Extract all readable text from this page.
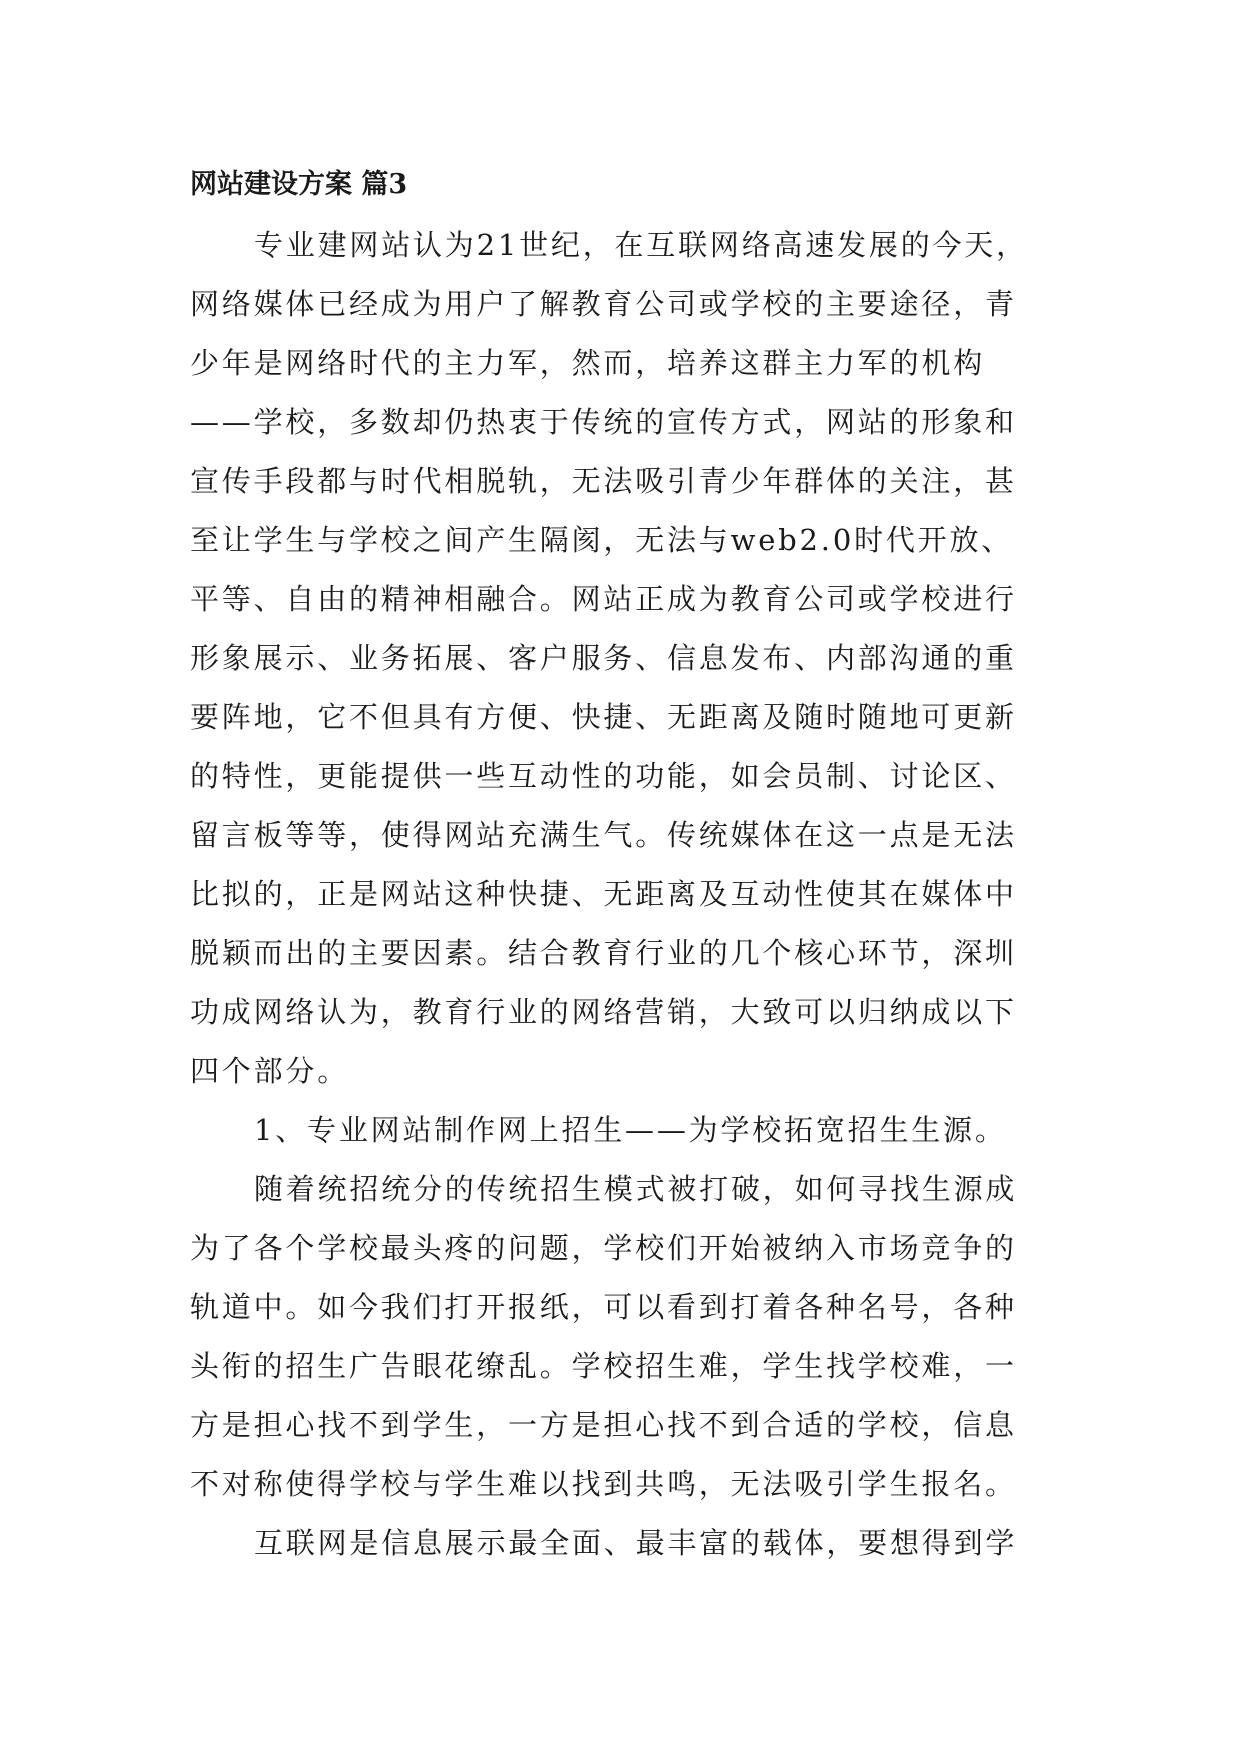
网站建设方案 篇3
专业建网站认为21世纪，在互联网络高速发展的今天，
网络媒体已经成为用户了解教育公司或学校的主要途径，青
少年是网络时代的主力军，然而，培养这群主力军的机构
——学校，多数却仍热衷于传统的宣传方式，网站的形象和
宣传手段都与时代相脱轨，无法吸引青少年群体的关注，甚
至让学生与学校之间产生隔阂，无法与web2.0时代开放、
平等、自由的精神相融合。网站正成为教育公司或学校进行
形象展示、业务拓展、客户服务、信息发布、内部沟通的重
要阵地，它不但具有方便、快捷、无距离及随时随地可更新
的特性，更能提供一些互动性的功能，如会员制、讨论区、
留言板等等，使得网站充满生气。传统媒体在这一点是无法
比拟的，正是网站这种快捷、无距离及互动性使其在媒体中
脱颖而出的主要因素。结合教育行业的几个核心环节，深圳
功成网络认为，教育行业的网络营销，大致可以归纳成以下
四个部分。
1、专业网站制作网上招生——为学校拓宽招生生源。
随着统招统分的传统招生模式被打破，如何寻找生源成
为了各个学校最头疼的问题，学校们开始被纳入市场竞争的
轨道中。如今我们打开报纸，可以看到打着各种名号，各种
头衔的招生广告眼花缭乱。学校招生难，学生找学校难，一
方是担心找不到学生，一方是担心找不到合适的学校，信息
不对称使得学校与学生难以找到共鸣，无法吸引学生报名。
互联网是信息展示最全面、最丰富的载体，要想得到学
